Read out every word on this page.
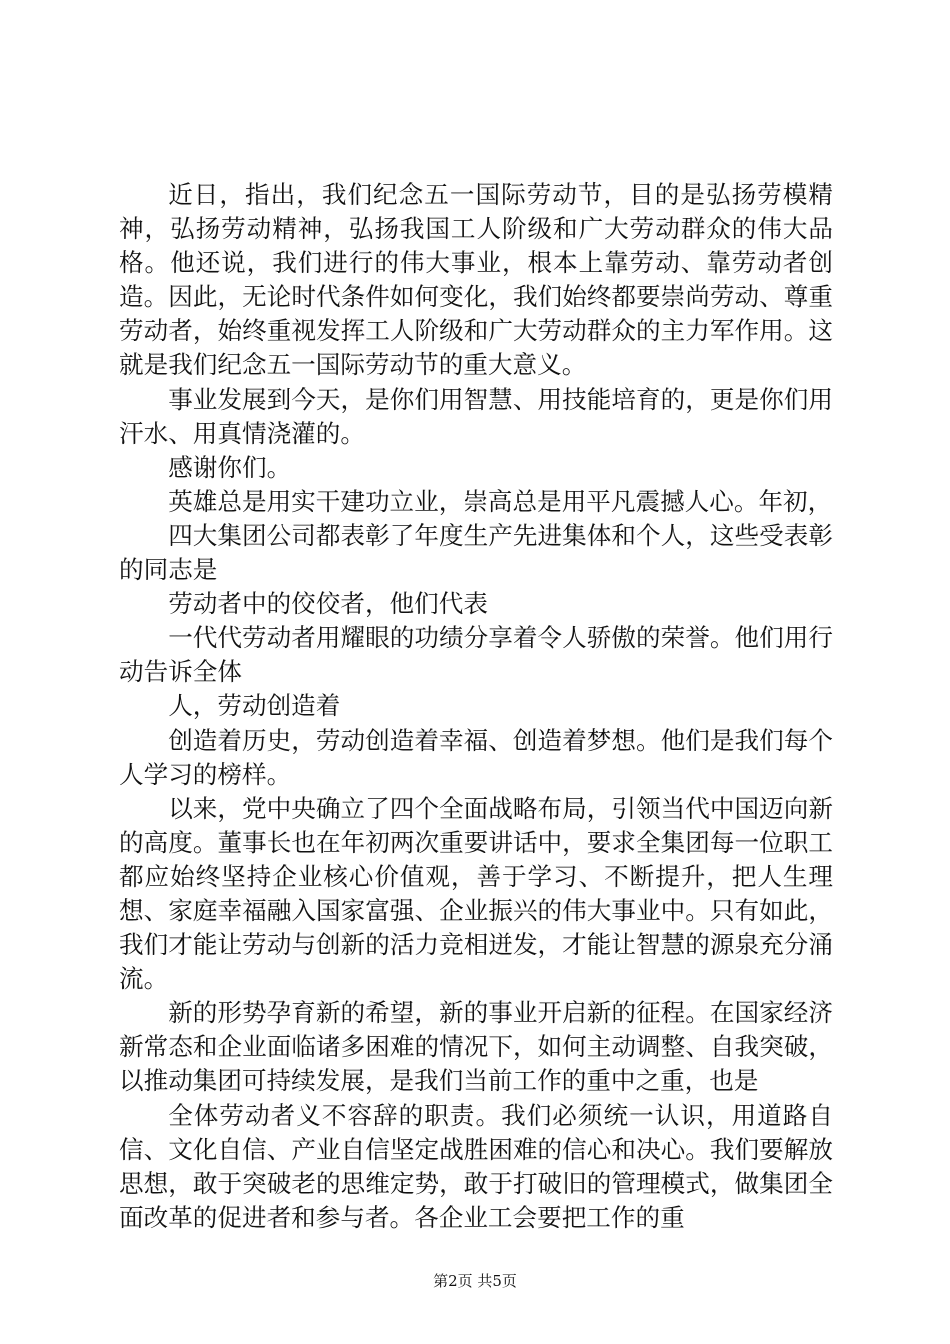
近日，指出，我们纪念五一国际劳动节，目的是弘扬劳模精神，弘扬劳动精神，弘扬我国工人阶级和广大劳动群众的伟大品格。他还说，我们进行的伟大事业，根本上靠劳动、靠劳动者创造。因此，无论时代条件如何变化，我们始终都要崇尚劳动、尊重劳动者，始终重视发挥工人阶级和广大劳动群众的主力军作用。这就是我们纪念五一国际劳动节的重大意义。

事业发展到今天，是你们用智慧、用技能培育的，更是你们用汗水、用真情浇灌的。

感谢你们。

英雄总是用实干建功立业，崇高总是用平凡震撼人心。年初，

四大集团公司都表彰了年度生产先进集体和个人，这些受表彰的同志是

劳动者中的佼佼者，他们代表

一代代劳动者用耀眼的功绩分享着令人骄傲的荣誉。他们用行动告诉全体

人，劳动创造着

创造着历史，劳动创造着幸福、创造着梦想。他们是我们每个人学习的榜样。

以来，党中央确立了四个全面战略布局，引领当代中国迈向新的高度。董事长也在年初两次重要讲话中，要求全集团每一位职工都应始终坚持企业核心价值观，善于学习、不断提升，把人生理想、家庭幸福融入国家富强、企业振兴的伟大事业中。只有如此，我们才能让劳动与创新的活力竞相迸发，才能让智慧的源泉充分涌流。

新的形势孕育新的希望，新的事业开启新的征程。在国家经济新常态和企业面临诸多困难的情况下，如何主动调整、自我突破，以推动集团可持续发展，是我们当前工作的重中之重，也是

全体劳动者义不容辞的职责。我们必须统一认识，用道路自信、文化自信、产业自信坚定战胜困难的信心和决心。我们要解放思想，敢于突破老的思维定势，敢于打破旧的管理模式，做集团全面改革的促进者和参与者。各企业工会要把工作的重

第2页 共5页
